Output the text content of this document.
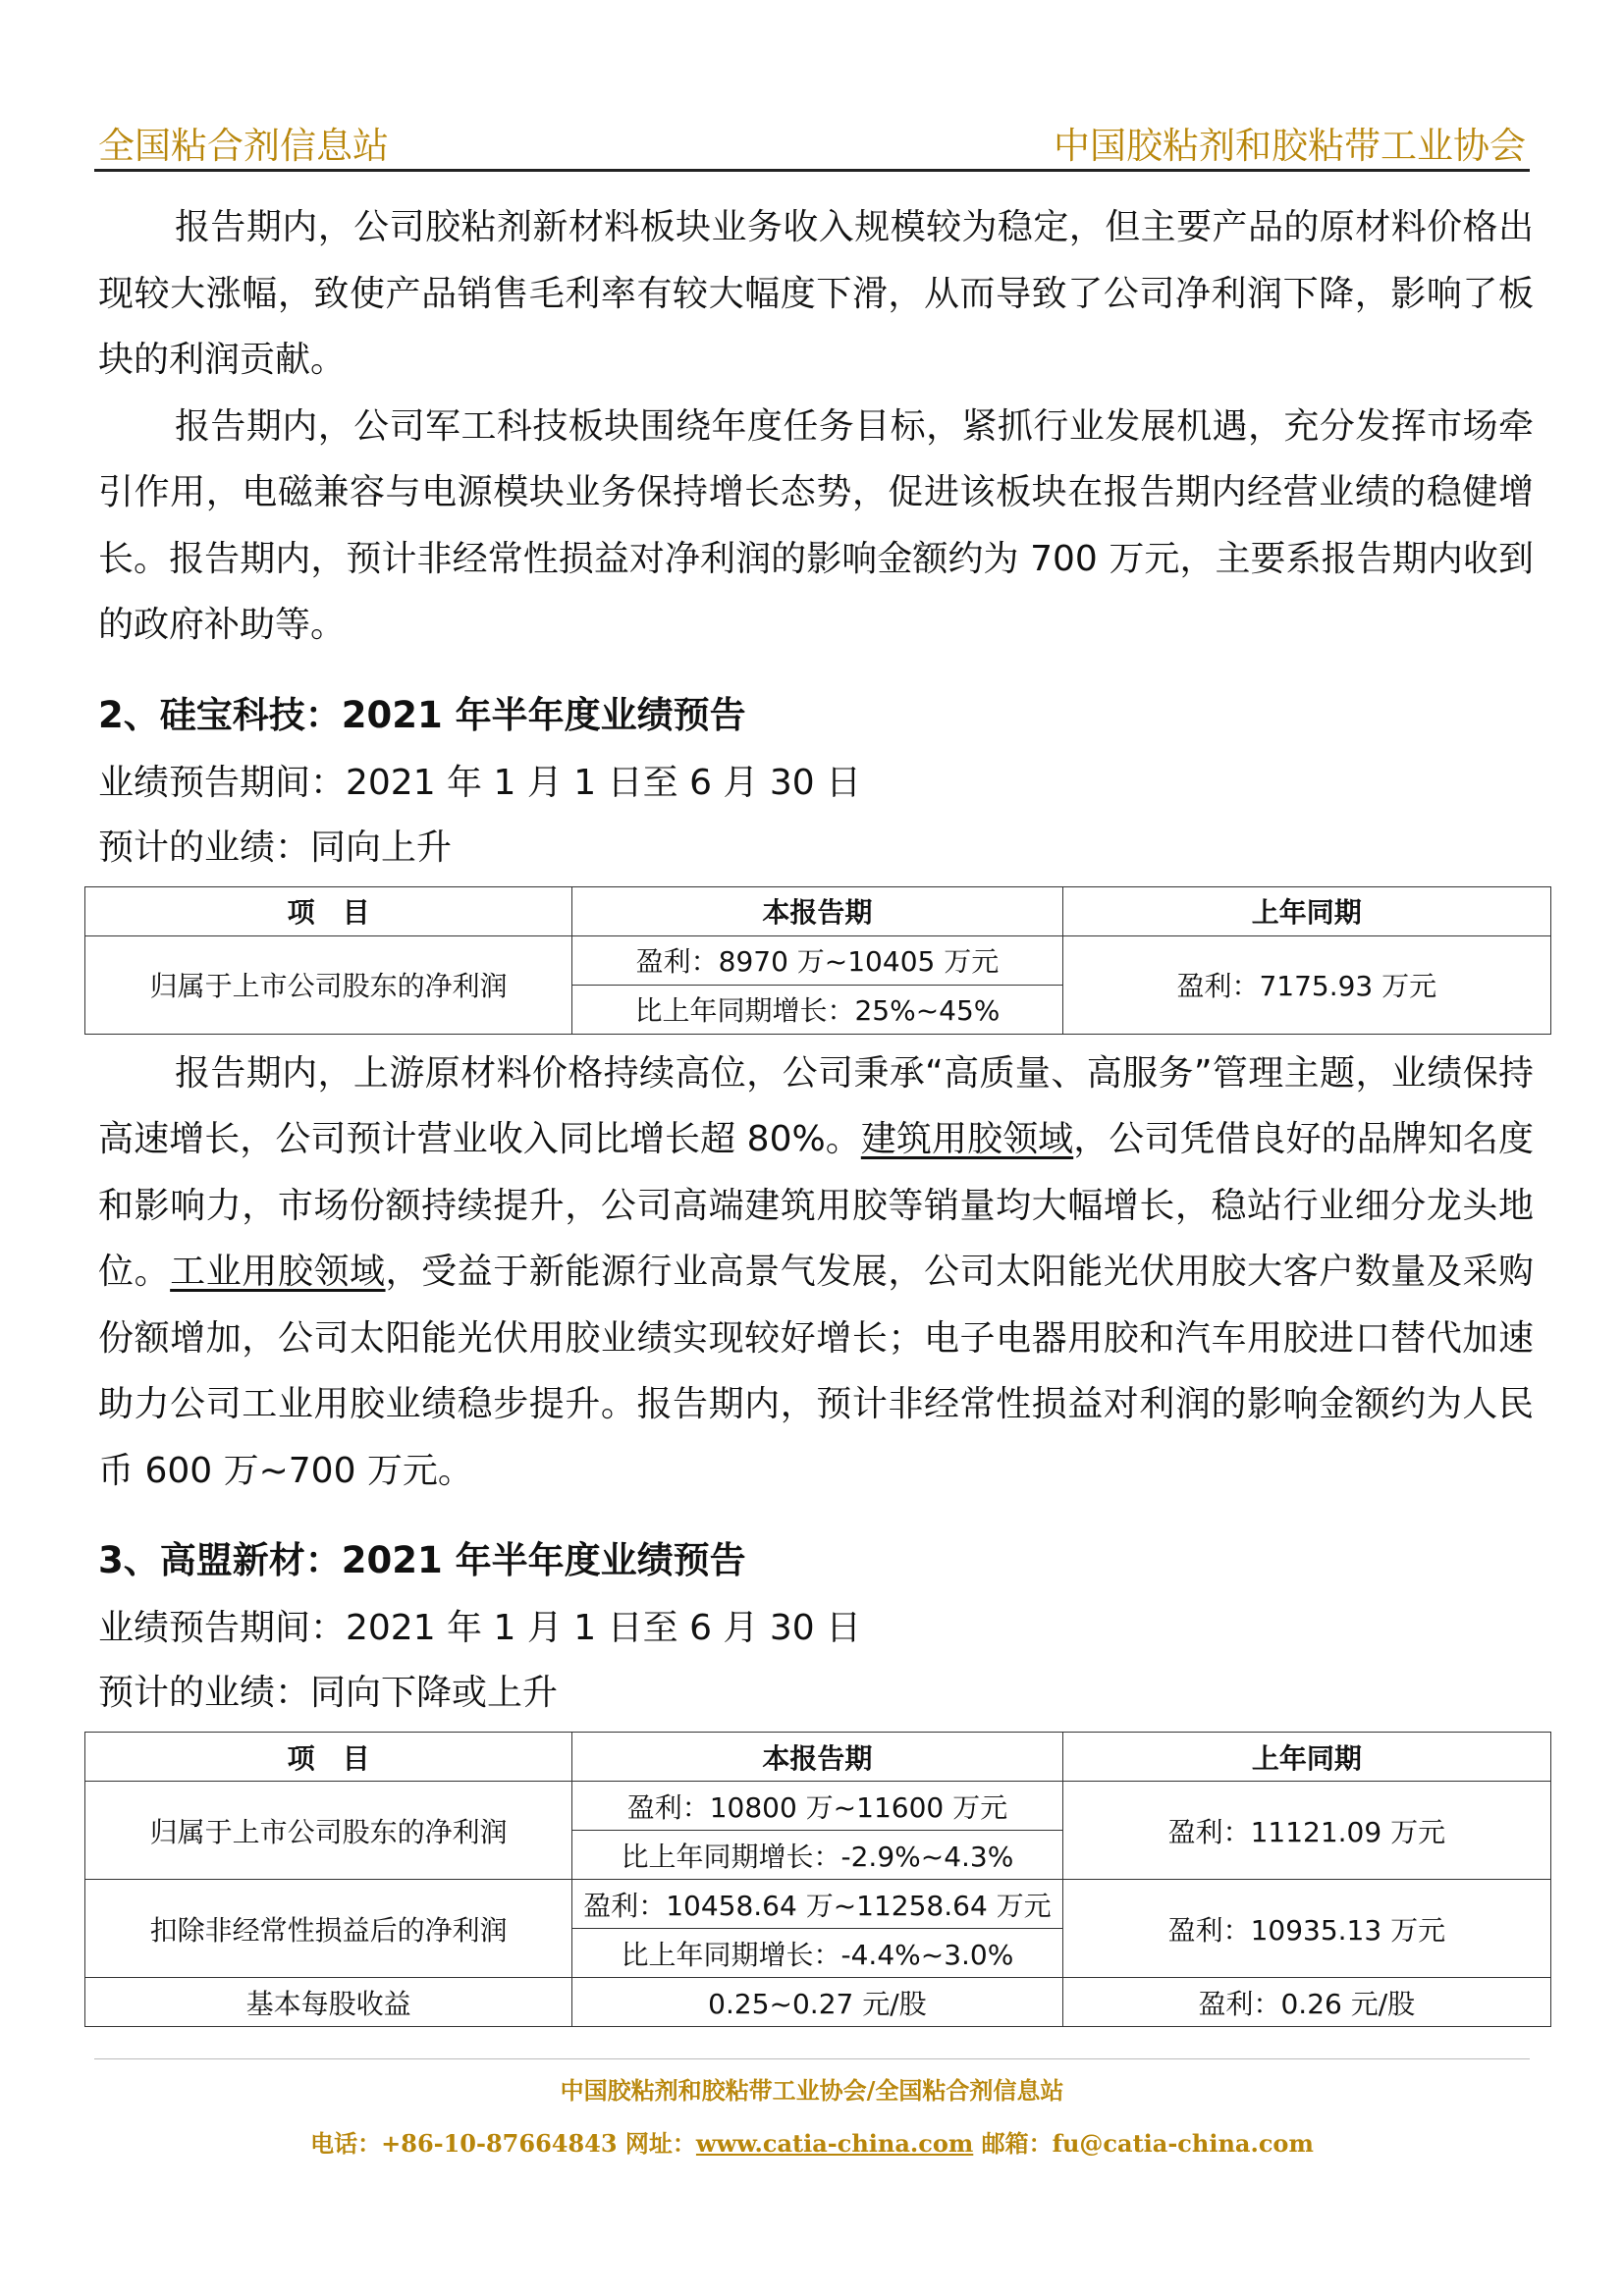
全国粘合剂信息站	中国胶粘剂和胶粘带工业协会

报告期内，公司胶粘剂新材料板块业务收入规模较为稳定，但主要产品的原材料价格出现较大涨幅，致使产品销售毛利率有较大幅度下滑，从而导致了公司净利润下降，影响了板块的利润贡献。

报告期内，公司军工科技板块围绕年度任务目标，紧抓行业发展机遇，充分发挥市场牵引作用，电磁兼容与电源模块业务保持增长态势，促进该板块在报告期内经营业绩的稳健增长。报告期内，预计非经常性损益对净利润的影响金额约为 700 万元，主要系报告期内收到的政府补助等。

2、硅宝科技：2021 年半年度业绩预告

业绩预告期间：2021 年 1 月 1 日至 6 月 30 日

预计的业绩：同向上升

项　目	本报告期	上年同期
归属于上市公司股东的净利润	盈利：8970 万~10405 万元	盈利：7175.93 万元
	比上年同期增长：25%~45%	

报告期内，上游原材料价格持续高位，公司秉承“高质量、高服务”管理主题，业绩保持高速增长，公司预计营业收入同比增长超 80%。建筑用胶领域，公司凭借良好的品牌知名度和影响力，市场份额持续提升，公司高端建筑用胶等销量均大幅增长，稳站行业细分龙头地位。工业用胶领域，受益于新能源行业高景气发展，公司太阳能光伏用胶大客户数量及采购份额增加，公司太阳能光伏用胶业绩实现较好增长；电子电器用胶和汽车用胶进口替代加速助力公司工业用胶业绩稳步提升。报告期内，预计非经常性损益对利润的影响金额约为人民币 600 万~700 万元。

3、高盟新材：2021 年半年度业绩预告

业绩预告期间：2021 年 1 月 1 日至 6 月 30 日

预计的业绩：同向下降或上升

项　目	本报告期	上年同期
归属于上市公司股东的净利润	盈利：10800 万~11600 万元	盈利：11121.09 万元
	比上年同期增长：-2.9%~4.3%	
扣除非经常性损益后的净利润	盈利：10458.64 万~11258.64 万元	盈利：10935.13 万元
	比上年同期增长：-4.4%~3.0%	
基本每股收益	0.25~0.27 元/股	盈利：0.26 元/股
中国胶粘剂和胶粘带工业协会/全国粘合剂信息站
电话：+86-10-87664843 网址：www.catia-china.com 邮箱：fu@catia-china.com
